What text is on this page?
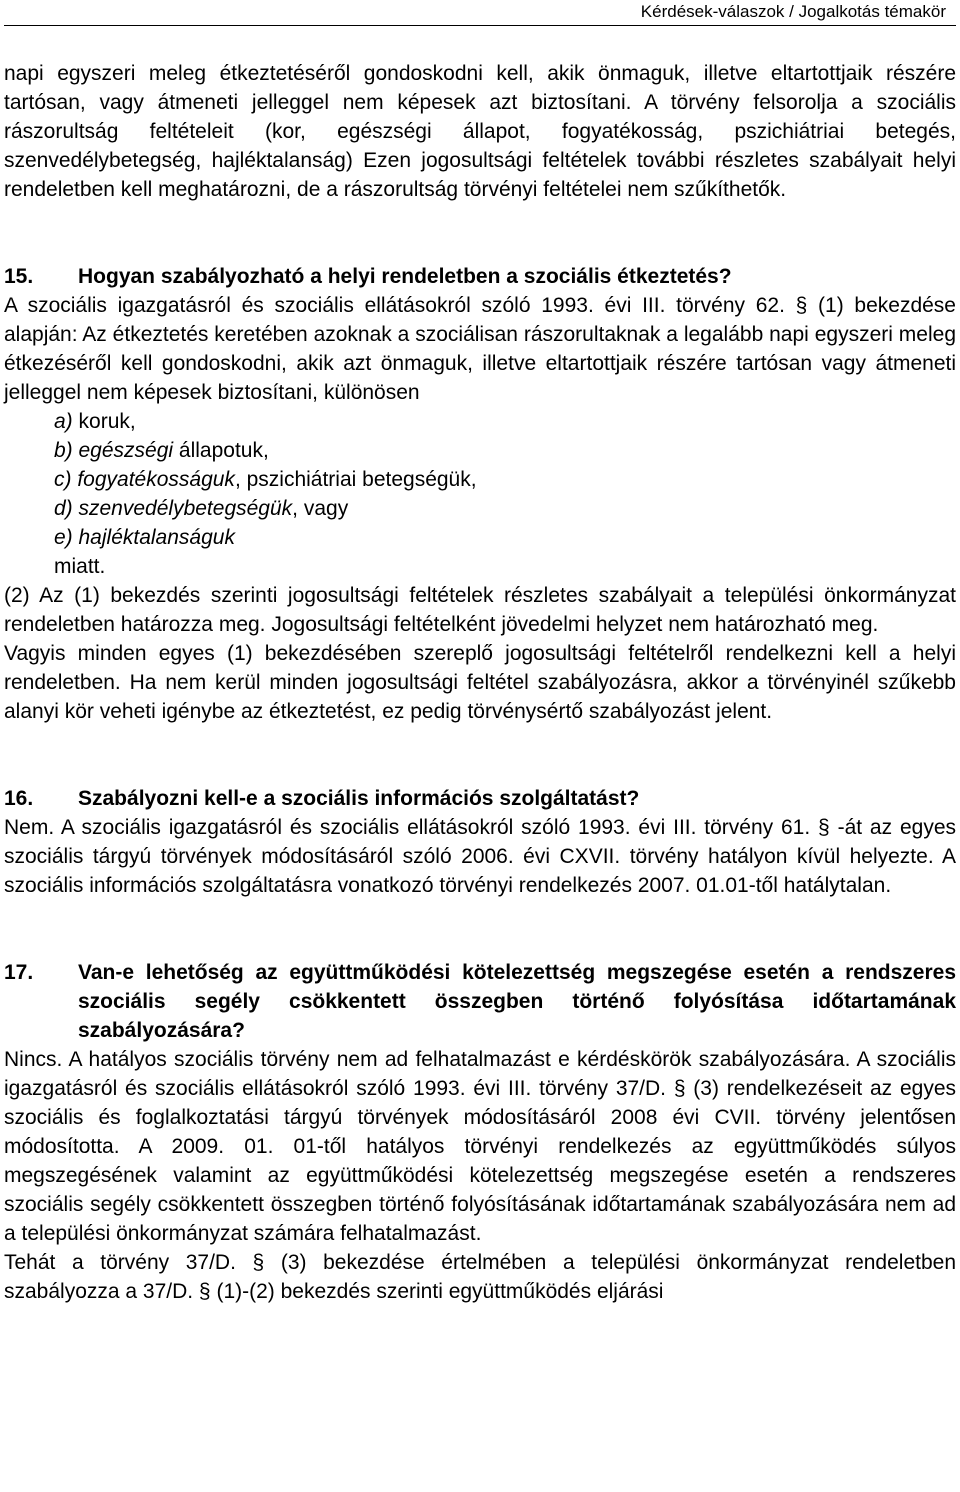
Kérdések-válaszok / Jogalkotás témakör

napi egyszeri meleg étkeztetéséről gondoskodni kell, akik önmaguk, illetve eltartottjaik részére tartósan, vagy átmeneti jelleggel nem képesek azt biztosítani. A törvény felsorolja a szociális rászorultság feltételeit (kor, egészségi állapot, fogyatékosság, pszichiátriai betegés, szenvedélybetegség, hajléktalanság) Ezen jogosultsági feltételek további részletes szabályait helyi rendeletben kell meghatározni, de a rászorultság törvényi feltételei nem szűkíthetők.

15.	Hogyan szabályozható a helyi rendeletben a szociális étkeztetés?

A szociális igazgatásról és szociális ellátásokról szóló 1993. évi III. törvény 62. § (1) bekezdése alapján: Az étkeztetés keretében azoknak a szociálisan rászorultaknak a legalább napi egyszeri meleg étkezéséről kell gondoskodni, akik azt önmaguk, illetve eltartottjaik részére tartósan vagy átmeneti jelleggel nem képesek biztosítani, különösen

a) koruk,
b) egészségi állapotuk,
c) fogyatékosságuk, pszichiátriai betegségük,
d) szenvedélybetegségük, vagy
e) hajléktalanságuk
miatt.

(2) Az (1) bekezdés szerinti jogosultsági feltételek részletes szabályait a települési önkormányzat rendeletben határozza meg. Jogosultsági feltételként jövedelmi helyzet nem határozható meg.

Vagyis minden egyes (1) bekezdésében szereplő jogosultsági feltételről rendelkezni kell a helyi rendeletben. Ha nem kerül minden jogosultsági feltétel szabályozásra, akkor a törvényinél szűkebb alanyi kör veheti igénybe az étkeztetést, ez pedig törvénysértő szabályozást jelent.

16.	Szabályozni kell-e a szociális információs szolgáltatást?

Nem. A szociális igazgatásról és szociális ellátásokról szóló 1993. évi III. törvény 61. § -át az egyes szociális tárgyú törvények módosításáról szóló 2006. évi CXVII. törvény hatályon kívül helyezte. A szociális információs szolgáltatásra vonatkozó törvényi rendelkezés 2007. 01.01-től hatálytalan.

17.	Van-e lehetőség az együttműködési kötelezettség megszegése esetén a rendszeres szociális segély csökkentett összegben történő folyósítása időtartamának szabályozására?

Nincs. A hatályos szociális törvény nem ad felhatalmazást e kérdéskörök szabályozására. A szociális igazgatásról és szociális ellátásokról szóló 1993. évi III. törvény 37/D. § (3) rendelkezéseit az egyes szociális és foglalkoztatási tárgyú törvények módosításáról 2008 évi CVII. törvény jelentősen módosította. A 2009. 01. 01-től hatályos törvényi rendelkezés az együttműködés súlyos megszegésének valamint az együttműködési kötelezettség megszegése esetén a rendszeres szociális segély csökkentett összegben történő folyósításának időtartamának szabályozására nem ad a települési önkormányzat számára felhatalmazást.

Tehát a törvény 37/D. § (3) bekezdése értelmében a települési önkormányzat rendeletben szabályozza a 37/D. § (1)-(2) bekezdés szerinti együttműködés eljárási
